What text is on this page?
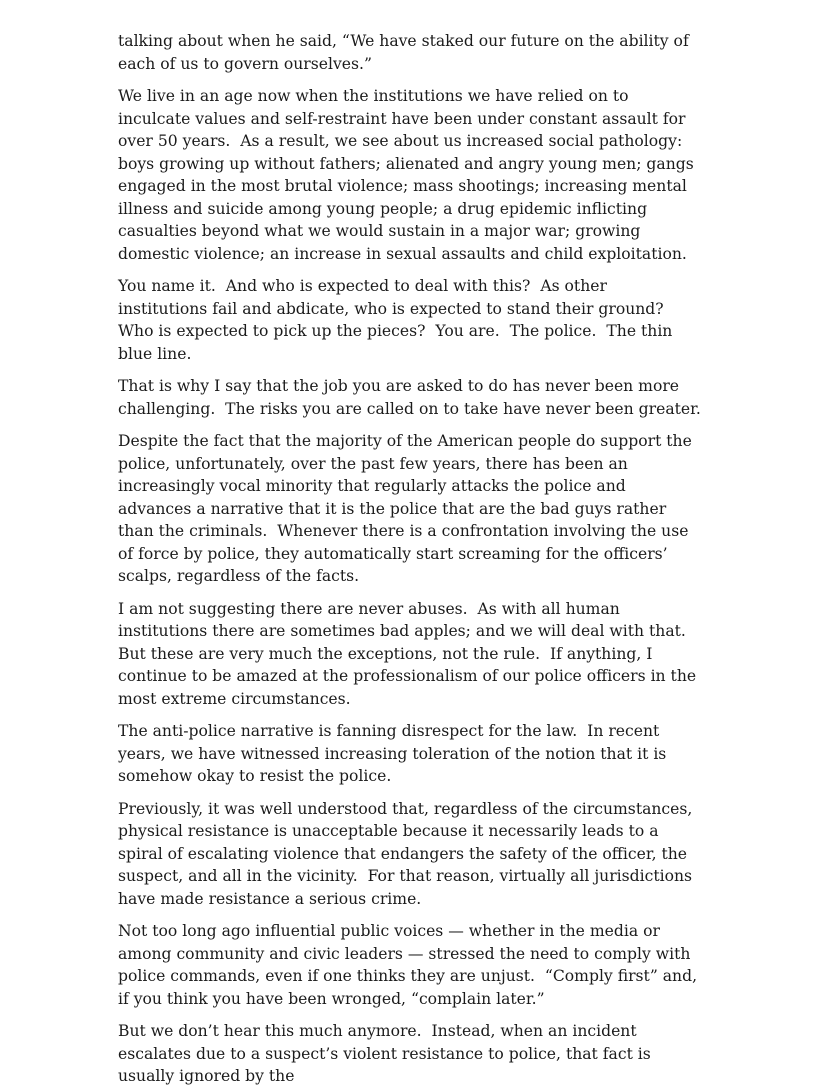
talking about when he said, “We have staked our future on the ability of each of us to govern ourselves.”

We live in an age now when the institutions we have relied on to inculcate values and self-restraint have been under constant assault for over 50 years.  As a result, we see about us increased social pathology:  boys growing up without fathers; alienated and angry young men; gangs engaged in the most brutal violence; mass shootings; increasing mental illness and suicide among young people; a drug epidemic inflicting casualties beyond what we would sustain in a major war; growing domestic violence; an increase in sexual assaults and child exploitation.

You name it.  And who is expected to deal with this?  As other institutions fail and abdicate, who is expected to stand their ground?  Who is expected to pick up the pieces?  You are.  The police.  The thin blue line.

That is why I say that the job you are asked to do has never been more challenging.  The risks you are called on to take have never been greater.

Despite the fact that the majority of the American people do support the police, unfortunately, over the past few years, there has been an increasingly vocal minority that regularly attacks the police and advances a narrative that it is the police that are the bad guys rather than the criminals.  Whenever there is a confrontation involving the use of force by police, they automatically start screaming for the officers’ scalps, regardless of the facts.

I am not suggesting there are never abuses.  As with all human institutions there are sometimes bad apples; and we will deal with that.  But these are very much the exceptions, not the rule.  If anything, I continue to be amazed at the professionalism of our police officers in the most extreme circumstances.

The anti-police narrative is fanning disrespect for the law.  In recent years, we have witnessed increasing toleration of the notion that it is somehow okay to resist the police.

Previously, it was well understood that, regardless of the circumstances, physical resistance is unacceptable because it necessarily leads to a spiral of escalating violence that endangers the safety of the officer, the suspect, and all in the vicinity.  For that reason, virtually all jurisdictions have made resistance a serious crime.

Not too long ago influential public voices — whether in the media or among community and civic leaders — stressed the need to comply with police commands, even if one thinks they are unjust.  “Comply first” and, if you think you have been wronged, “complain later.”

But we don’t hear this much anymore.  Instead, when an incident escalates due to a suspect’s violent resistance to police, that fact is usually ignored by the
